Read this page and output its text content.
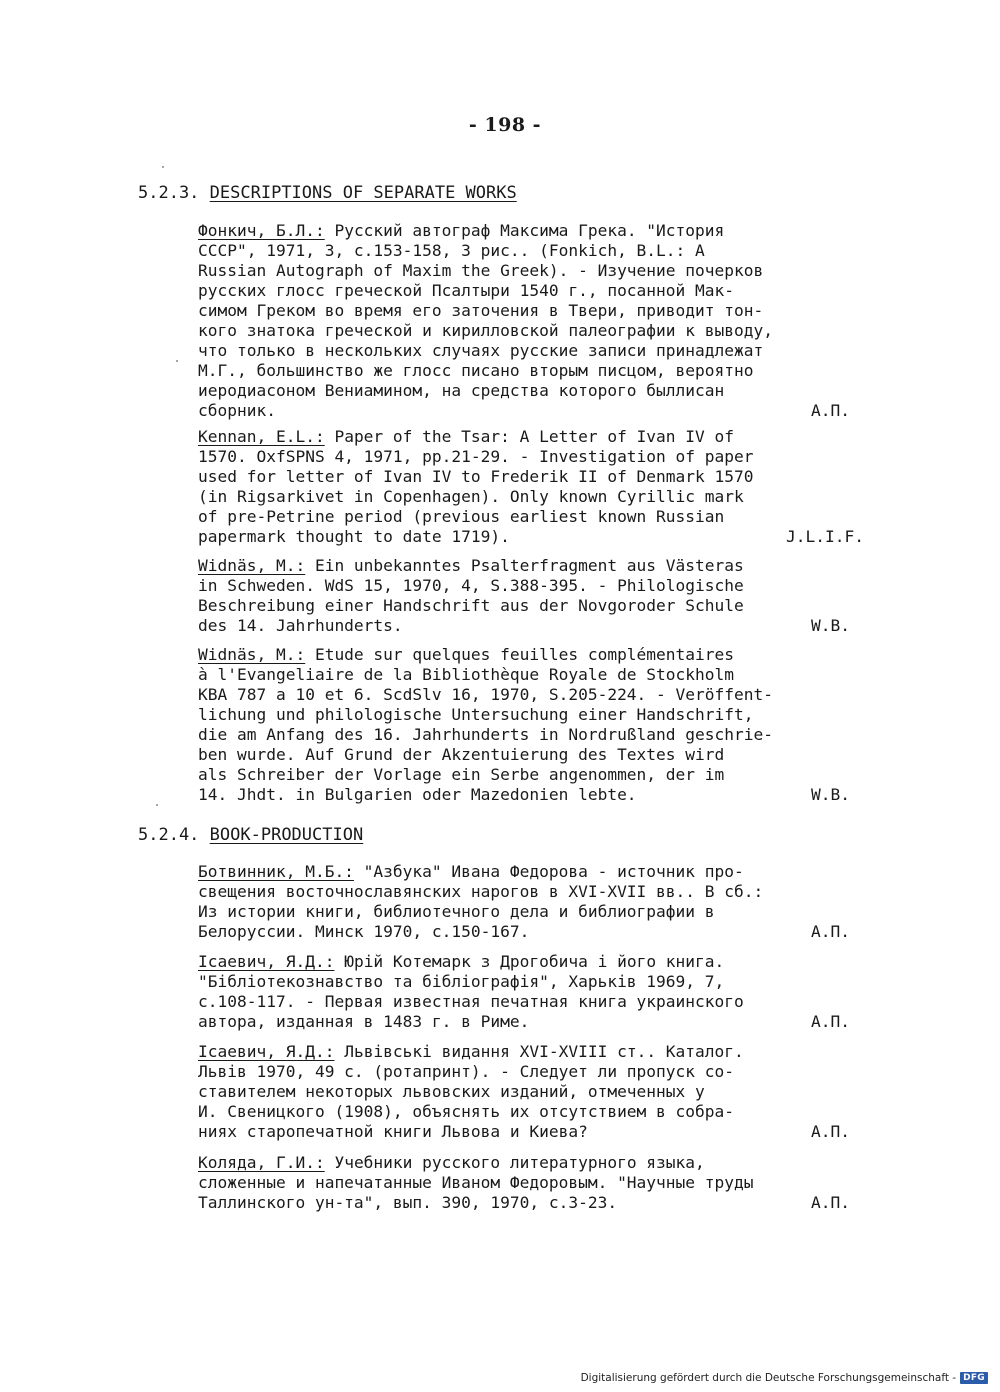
- 198 -
5.2.3. DESCRIPTIONS OF SEPARATE WORKS
Фонкич, Б.Л.: Русский автограф Максима Грека. "История
СССР", 1971, 3, с.153-158, 3 рис.. (Fonkich, B.L.: A
Russian Autograph of Maxim the Greek). - Изучение почерков
русских глосс греческой Псалтыри 1540 г., посанной Мак-
симом Греком во время его заточения в Твери, приводит тон-
кого знатока греческой и кирилловской палеографии к выводу,
что только в нескольких случаях русские записи принадлежат
М.Г., большинство же глосс писано вторым писцом, вероятно
иеродиасоном Вениамином, на средства которого быллисан
сборник.	А.П.
Kennan, E.L.: Paper of the Tsar: A Letter of Ivan IV of
1570. OxfSPNS 4, 1971, pp.21-29. - Investigation of paper
used for letter of Ivan IV to Frederik II of Denmark 1570
(in Rigsarkivet in Copenhagen). Only known Cyrillic mark
of pre-Petrine period (previous earliest known Russian
papermark thought to date 1719).	J.L.I.F.
Widnäs, M.: Ein unbekanntes Psalterfragment aus Västeras
in Schweden. WdS 15, 1970, 4, S.388-395. - Philologische
Beschreibung einer Handschrift aus der Novgoroder Schule
des 14. Jahrhunderts.	W.B.
Widnäs, M.: Etude sur quelques feuilles complémentaires
à l'Evangeliaire de la Bibliothèque Royale de Stockholm
KBA 787 a 10 et 6. ScdSlv 16, 1970, S.205-224. - Veröffent-
lichung und philologische Untersuchung einer Handschrift,
die am Anfang des 16. Jahrhunderts in Nordrußland geschrie-
ben wurde. Auf Grund der Akzentuierung des Textes wird
als Schreiber der Vorlage ein Serbe angenommen, der im
14. Jhdt. in Bulgarien oder Mazedonien lebte.	W.B.
5.2.4. BOOK-PRODUCTION
Ботвинник, М.Б.: "Азбука" Ивана Федорова - источник про-
свещения восточнославянских нарогов в XVI-XVII вв.. В сб.:
Из истории книги, библиотечного дела и библиографии в
Белоруссии. Минск 1970, с.150-167.	А.П.
Ісаевич, Я.Д.: Юрій Котемарк з Дрогобича і його книга.
"Бібліотекознавство та бібліографія", Харьків 1969, 7,
с.108-117. - Первая известная печатная книга украинского
автора, изданная в 1483 г. в Риме.	А.П.
Ісаевич, Я.Д.: Львівські видання XVI-XVIII ст.. Каталог.
Львів 1970, 49 с. (ротапринт). - Следует ли пропуск со-
ставителем некоторых львовских изданий, отмеченных у
И. Свеницкого (1908), объяснять их отсутствием в собра-
ниях старопечатной книги Львова и Киева?	А.П.
Коляда, Г.И.: Учебники русского литературного языка,
сложенные и напечатанные Иваном Федоровым. "Научные труды
Таллинского ун-та", вып. 390, 1970, с.3-23.	А.П.
Digitalisierung gefördert durch die Deutsche Forschungsgemeinschaft - DFG
